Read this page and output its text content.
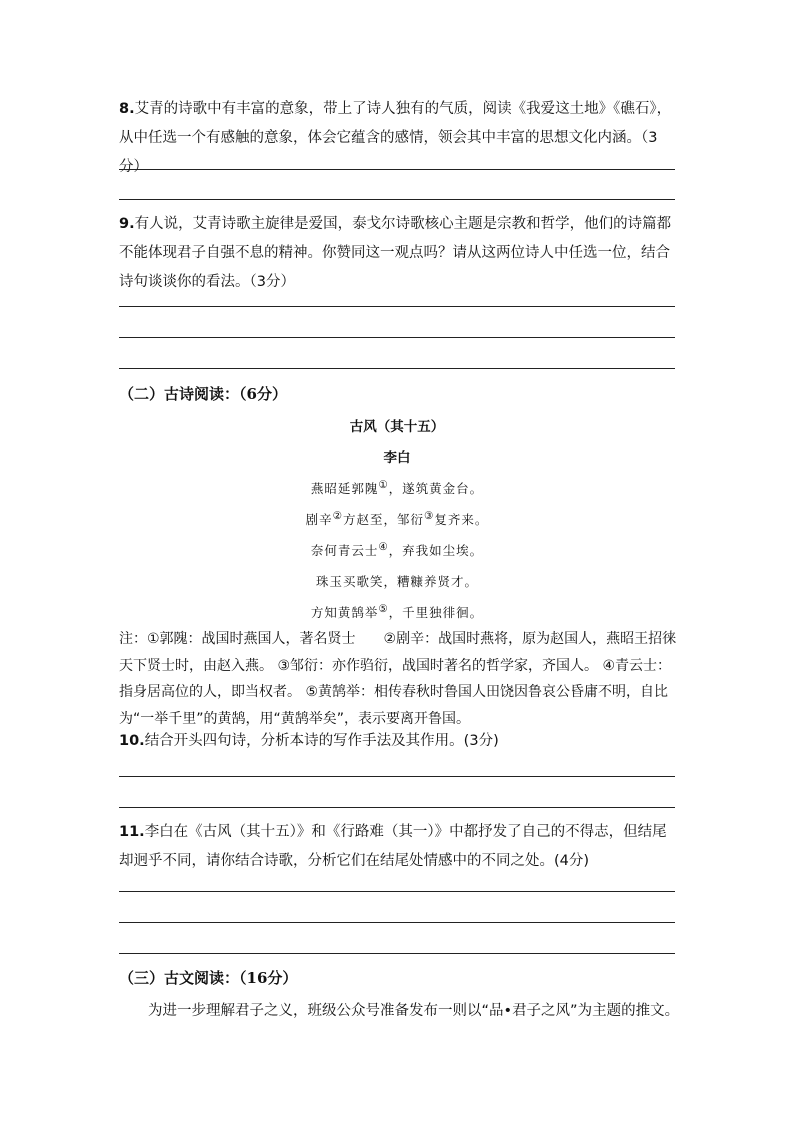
8.艾青的诗歌中有丰富的意象，带上了诗人独有的气质，阅读《我爱这土地》《礁石》，从中任选一个有感触的意象，体会它蕴含的感情，领会其中丰富的思想文化内涵。（3分）
9.有人说，艾青诗歌主旋律是爱国，泰戈尔诗歌核心主题是宗教和哲学，他们的诗篇都不能体现君子自强不息的精神。你赞同这一观点吗？请从这两位诗人中任选一位，结合诗句谈谈你的看法。（3分）
（二）古诗阅读：（6分）
古风（其十五）
李白
燕昭延郭隗①，遂筑黄金台。
剧辛②方赵至，邹衍③复齐来。
奈何青云士④，弃我如尘埃。
珠玉买歌笑，糟糠养贤才。
方知黄鹄举⑤，千里独徘徊。
注：①郭隗：战国时燕国人，著名贤士　　②剧辛：战国时燕将，原为赵国人，燕昭王招徕天下贤士时，由赵入燕。 ③邹衍：亦作驺衍，战国时著名的哲学家，齐国人。 ④青云士：指身居高位的人，即当权者。 ⑤黄鹄举：相传春秋时鲁国人田饶因鲁哀公昏庸不明，自比为“一举千里”的黄鹄，用“黄鹄举矣”，表示要离开鲁国。
10.结合开头四句诗，分析本诗的写作手法及其作用。(3分)
11.李白在《古风（其十五）》和《行路难（其一）》中都抒发了自己的不得志，但结尾却迥乎不同，请你结合诗歌，分析它们在结尾处情感中的不同之处。(4分)
（三）古文阅读：（16分）
为进一步理解君子之义，班级公众号准备发布一则以“品•君子之风”为主题的推文。
